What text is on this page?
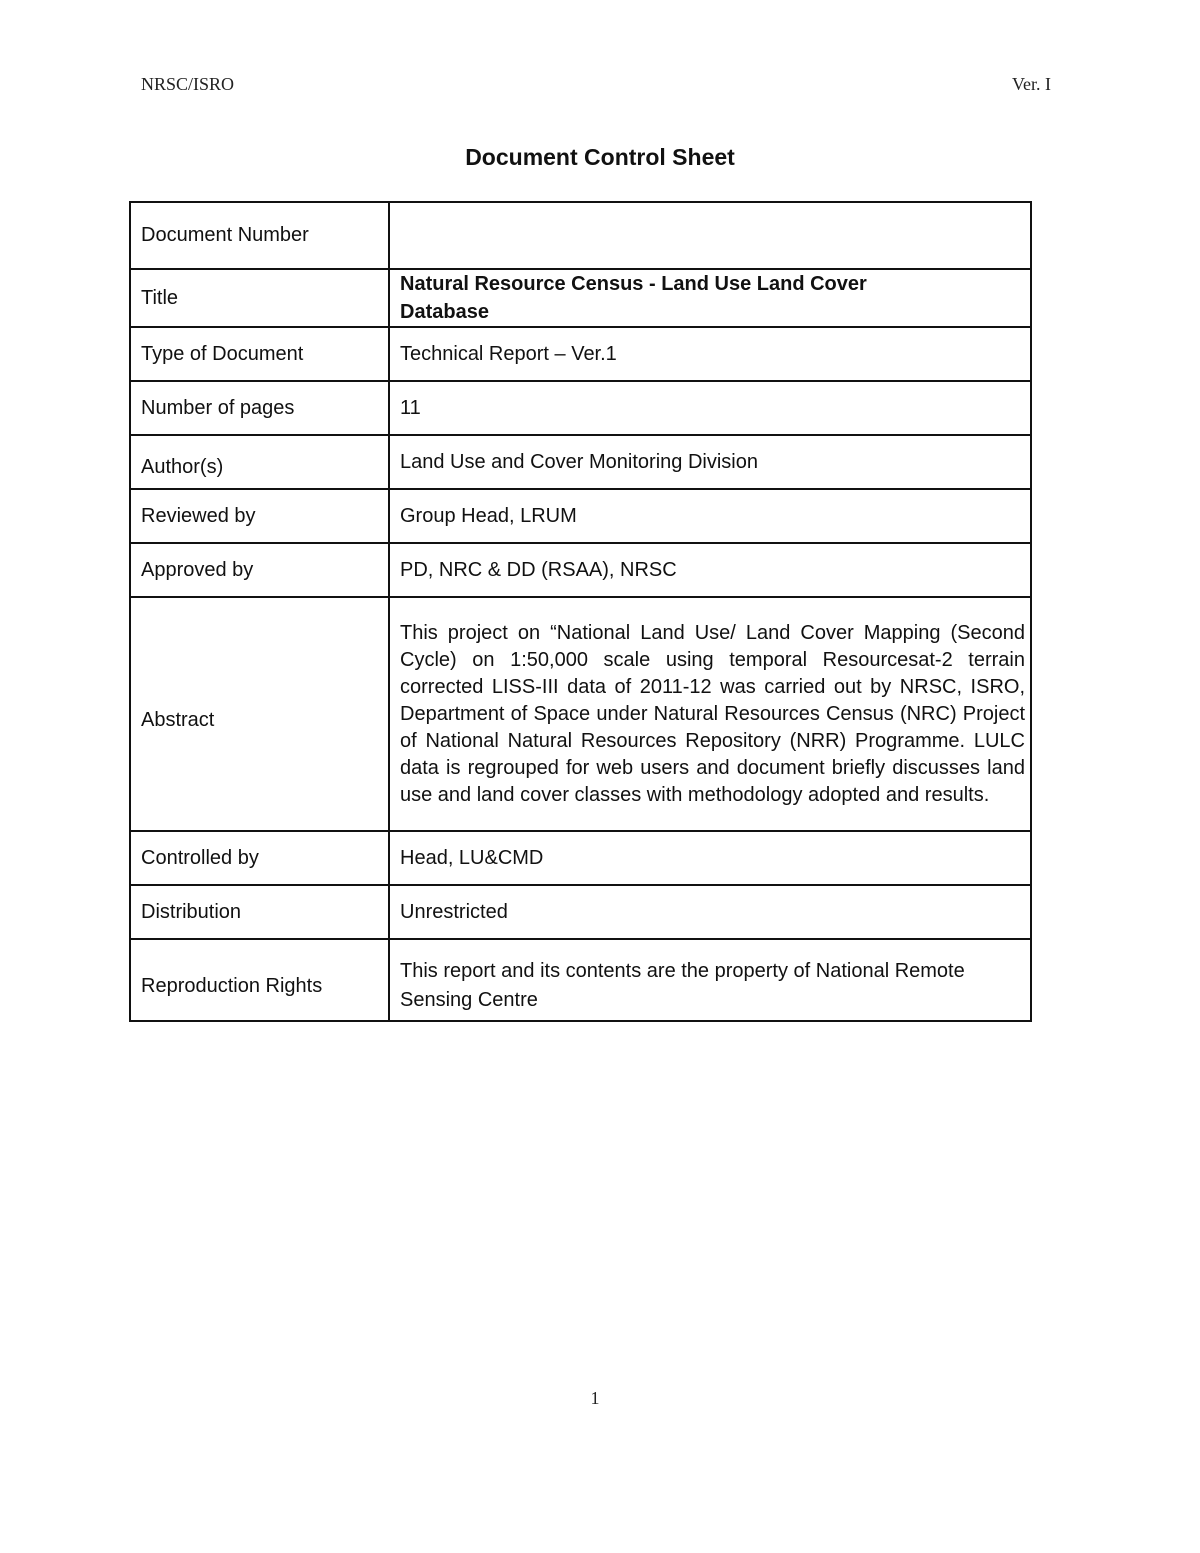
NRSC/ISRO	Ver. I
Document Control Sheet
Document Number	
Title	Natural Resource Census - Land Use Land Cover Database
Type of Document	Technical Report – Ver.1
Number of pages	11
Author(s)	Land Use and Cover Monitoring Division
Reviewed by	Group Head, LRUM
Approved by	PD, NRC & DD (RSAA), NRSC
Abstract	This project on “National Land Use/ Land Cover Mapping (Second Cycle) on 1:50,000 scale using temporal Resourcesat-2 terrain corrected LISS-III data of 2011-12 was carried out by NRSC, ISRO, Department of Space under Natural Resources Census (NRC) Project of National Natural Resources Repository (NRR) Programme. LULC data is regrouped for web users and document briefly discusses land use and land cover classes with methodology adopted and results.
Controlled by	Head, LU&CMD
Distribution	Unrestricted
Reproduction Rights	This report and its contents are the property of National Remote Sensing Centre
1
